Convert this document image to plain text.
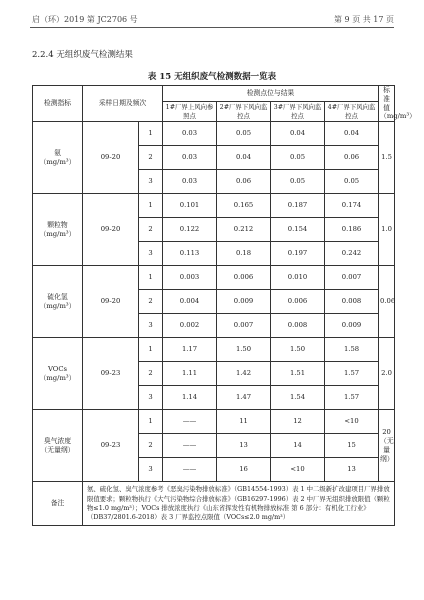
启（环）2019 第 JC2706 号	第 9 页 共 17 页
2.2.4 无组织废气检测结果
表 15 无组织废气检测数据一览表
检测指标	采样日期及频次		检测点位与结果				标准值
（mg/m³）

			1#厂界上风向参照点	2#厂界下风向监控点	3#厂界下风向监控点	4#厂界下风向监控点	

氨
（mg/m³）	09-20	1	0.03	0.05	0.04	0.04	1.5
		2	0.03	0.04	0.05	0.06	
		3	0.03	0.06	0.05	0.05	

颗粒物
（mg/m³）	09-20	1	0.101	0.165	0.187	0.174	1.0
		2	0.122	0.212	0.154	0.186	
		3	0.113	0.18	0.197	0.242	

硫化氢
（mg/m³）	09-20	1	0.003	0.006	0.010	0.007	0.06
		2	0.004	0.009	0.006	0.008	
		3	0.002	0.007	0.008	0.009	

VOCs
（mg/m³）	09-23	1	1.17	1.50	1.50	1.58	2.0
		2	1.11	1.42	1.51	1.57	
		3	1.14	1.47	1.54	1.57	

臭气浓度
（无量纲）	09-23	1	——	11	12	<10	20（无量纲）
		2	——	13	14	15	
		3	——	16	<10	13	
备注	氨、硫化氢、臭气浓度参考《恶臭污染物排放标准》（GB14554-1993）表 1 中二级新扩改建项目厂界排放限值要求；颗粒物执行《大气污染物综合排放标准》（GB16297-1996）表 2 中厂界无组织排放限值（颗粒物≤1.0 mg/m³）；VOCs 排放浓度执行《山东省挥发性有机物排放标准 第 6 部分：有机化工行业》（DB37/2801.6-2018）表 3 厂界监控点限值（VOCs≤2.0 mg/m³）						
